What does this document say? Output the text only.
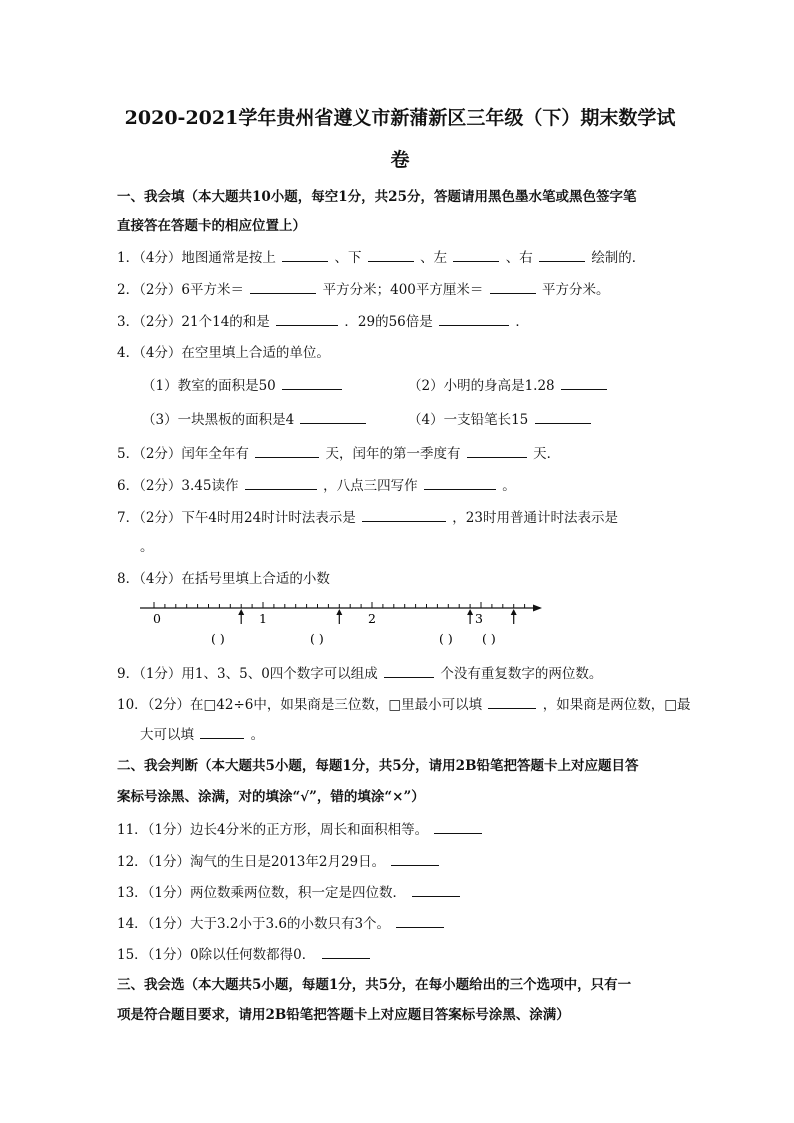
2020-2021学年贵州省遵义市新蒲新区三年级（下）期末数学试
卷
一、我会填（本大题共10小题，每空1分，共25分，答题请用黑色墨水笔或黑色签字笔
直接答在答题卡的相应位置上）
1．（4分）地图通常是按上	、下	、左	、右	绘制的．
2．（2分）6平方米＝	平方分米；400平方厘米＝	平方分米。
3．（2分）21个14的和是	．29的56倍是	．
4．（4分）在空里填上合适的单位。
（1）教室的面积是50	（2）小明的身高是1.28
（3）一块黑板的面积是4	（4）一支铅笔长15
5．（2分）闰年全年有	天，闰年的第一季度有	天．
6．（2分）3.45读作	，八点三四写作	。
7．（2分）下午4时用24时计时法表示是	，23时用普通计时法表示是
。
8．（4分）在括号里填上合适的小数
0	1	2	3
( )	( )	( ) ( )
9．（1分）用1、3、5、0四个数字可以组成	个没有重复数字的两位数。
10．（2分）在□42÷6中，如果商是三位数，□里最小可以填	，如果商是两位数，□最
大可以填	。
二、我会判断（本大题共5小题，每题1分，共5分，请用2B铅笔把答题卡上对应题目答
案标号涂黑、涂满，对的填涂“√”，错的填涂“×”）
11．（1分）边长4分米的正方形，周长和面积相等。
12．（1分）淘气的生日是2013年2月29日。
13．（1分）两位数乘两位数，积一定是四位数．
14．（1分）大于3.2小于3.6的小数只有3个。
15．（1分）0除以任何数都得0．
三、我会选（本大题共5小题，每题1分，共5分，在每小题给出的三个选项中，只有一
项是符合题目要求，请用2B铅笔把答题卡上对应题目答案标号涂黑、涂满）
